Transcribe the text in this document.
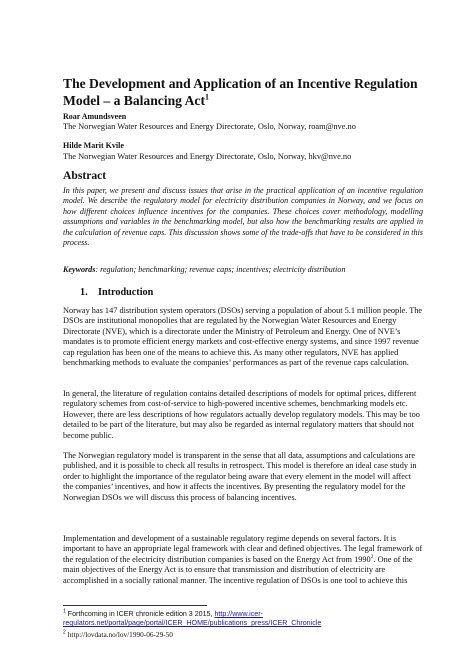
The Development and Application of an Incentive Regulation Model – a Balancing Act$^1$
Roar Amundsveen
The Norwegian Water Resources and Energy Directorate, Oslo, Norway, roam@nve.no
Hilde Marit Kvile
The Norwegian Water Resources and Energy Directorate, Oslo, Norway, hkv@nve.no
Abstract

In this paper, we present and discuss issues that arise in the practical application of an incentive regulation model. We describe the regulatory model for electricity distribution companies in Norway, and we focus on how different choices influence incentives for the companies. These choices cover methodology, modelling assumptions and variables in the benchmarking model, but also how the benchmarking results are applied in the calculation of revenue caps. This discussion shows some of the trade-offs that have to be considered in this process.

Keywords: regulation; benchmarking; revenue caps; incentives; electricity distribution

1. Introduction

Norway has 147 distribution system operators (DSOs) serving a population of about 5.1 million people. The DSOs are institutional monopolies that are regulated by the Norwegian Water Resources and Energy Directorate (NVE), which is a directorate under the Ministry of Petroleum and Energy. One of NVE’s mandates is to promote efficient energy markets and cost-effective energy systems, and since 1997 revenue cap regulation has been one of the means to achieve this. As many other regulators, NVE has applied benchmarking methods to evaluate the companies’ performances as part of the revenue caps calculation.

In general, the literature of regulation contains detailed descriptions of models for optimal prices, different regulatory schemes from cost-of-service to high-powered incentive schemes, benchmarking models etc. However, there are less descriptions of how regulators actually develop regulatory models. This may be too detailed to be part of the literature, but may also be regarded as internal regulatory matters that should not become public.

The Norwegian regulatory model is transparent in the sense that all data, assumptions and calculations are published, and it is possible to check all results in retrospect. This model is therefore an ideal case study in order to highlight the importance of the regulator being aware that every element in the model will affect the companies’ incentives, and how it affects the incentives. By presenting the regulatory model for the Norwegian DSOs we will discuss this process of balancing incentives.

Implementation and development of a sustainable regulatory regime depends on several factors. It is important to have an appropriate legal framework with clear and defined objectives. The legal framework of the regulation of the electricity distribution companies is based on the Energy Act from 1990$^2$. One of the main objectives of the Energy Act is to ensure that transmission and distribution of electricity are accomplished in a socially rational manner. The incentive regulation of DSOs is one tool to achieve this

$^1$ Forthcoming in ICER chronicle edition 3 2015, http://www.icer-regulators.net/portal/page/portal/ICER_HOME/publications_press/ICER_Chronicle

$^2$ http://lovdata.no/lov/1990-06-29-50
